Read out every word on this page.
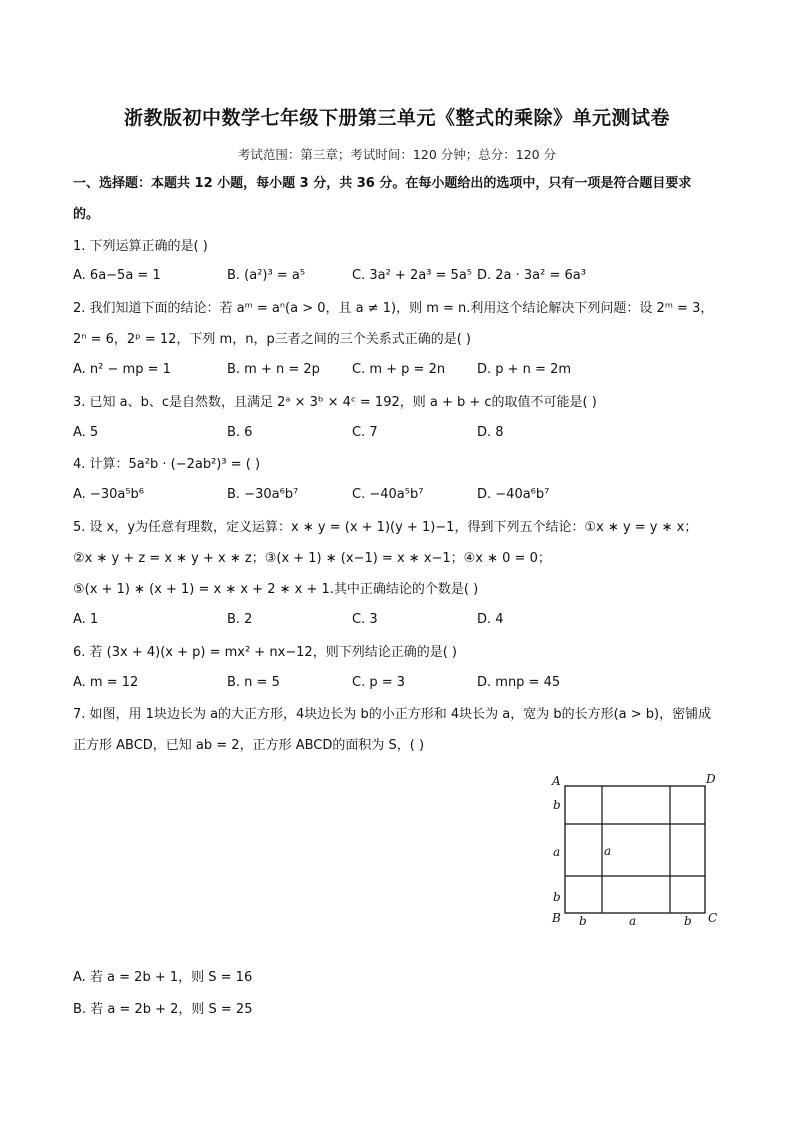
浙教版初中数学七年级下册第三单元《整式的乘除》单元测试卷
考试范围：第三章；考试时间：120 分钟；总分：120 分
一、选择题：本题共 12 小题，每小题 3 分，共 36 分。在每小题给出的选项中，只有一项是符合题目要求
的。
1. 下列运算正确的是( )
A. 6a−5a = 1	B. (a²)³ = a⁵	C. 3a² + 2a³ = 5a⁵ D. 2a · 3a² = 6a³
2. 我们知道下面的结论：若 aᵐ = aⁿ(a > 0，且 a ≠ 1)，则 m = n.利用这个结论解决下列问题：设 2ᵐ = 3，
2ⁿ = 6，2ᵖ = 12，下列 m，n，p三者之间的三个关系式正确的是( )
A. n² − mp = 1	B. m + n = 2p C. m + p = 2n D. p + n = 2m
3. 已知 a、b、c是自然数，且满足 2ᵃ × 3ᵇ × 4ᶜ = 192，则 a + b + c的取值不可能是( )
A. 5	B. 6	C. 7	D. 8
4. 计算：5a²b · (−2ab²)³ = ( )
A. −30a⁵b⁶	B. −30a⁶b⁷	C. −40a⁵b⁷	D. −40a⁶b⁷
5. 设 x，y为任意有理数，定义运算：x ∗ y = (x + 1)(y + 1)−1，得到下列五个结论：①x ∗ y = y ∗ x；
②x ∗ y + z = x ∗ y + x ∗ z；③(x + 1) ∗ (x−1) = x ∗ x−1；④x ∗ 0 = 0；
⑤(x + 1) ∗ (x + 1) = x ∗ x + 2 ∗ x + 1.其中正确结论的个数是( )
A. 1	B. 2	C. 3	D. 4
6. 若 (3x + 4)(x + p) = mx² + nx−12，则下列结论正确的是( )
A. m = 12	B. n = 5	C. p = 3	D. mnp = 45
7. 如图，用 1块边长为 a的大正方形，4块边长为 b的小正方形和 4块长为 a，宽为 b的长方形(a > b)，密铺成
正方形 ABCD，已知 ab = 2，正方形 ABCD的面积为 S，( )
A	D
B	C
b
a
b
b	a	b
a
A. 若 a = 2b + 1，则 S = 16
B. 若 a = 2b + 2，则 S = 25
